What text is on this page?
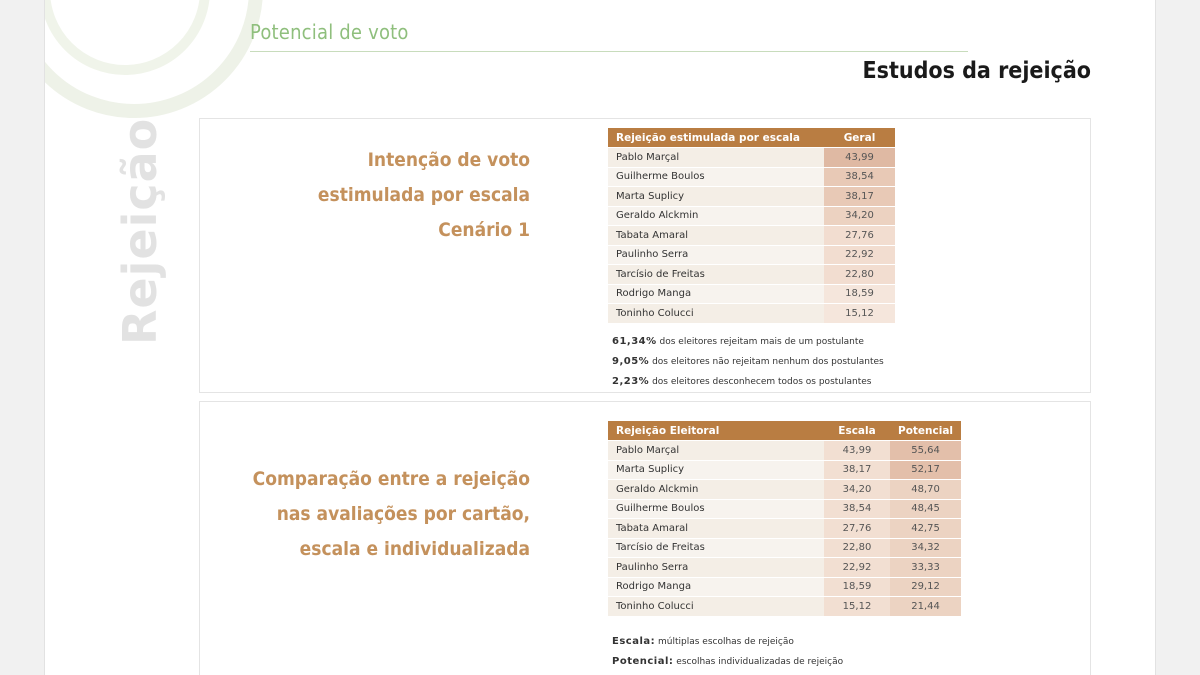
Potencial de voto
Estudos da rejeição
Rejeição	Intenção de voto
estimulada por escala
Cenário 1
Rejeição estimulada por escala	Geral
Pablo Marçal	43,99
Guilherme Boulos	38,54
Marta Suplicy	38,17
Geraldo Alckmin	34,20
Tabata Amaral	27,76
Paulinho Serra	22,92
Tarcísio de Freitas	22,80
Rodrigo Manga	18,59
Toninho Colucci	15,12
61,34% dos eleitores rejeitam mais de um postulante
9,05% dos eleitores não rejeitam nenhum dos postulantes
2,23% dos eleitores desconhecem todos os postulantes
Comparação entre a rejeição
nas avaliações por cartão,
escala e individualizada
Rejeição Eleitoral	Escala	Potencial
Pablo Marçal	43,99	55,64
Marta Suplicy	38,17	52,17
Geraldo Alckmin	34,20	48,70
Guilherme Boulos	38,54	48,45
Tabata Amaral	27,76	42,75
Tarcísio de Freitas	22,80	34,32
Paulinho Serra	22,92	33,33
Rodrigo Manga	18,59	29,12
Toninho Colucci	15,12	21,44
Escala: múltiplas escolhas de rejeição
Potencial: escolhas individualizadas de rejeição
